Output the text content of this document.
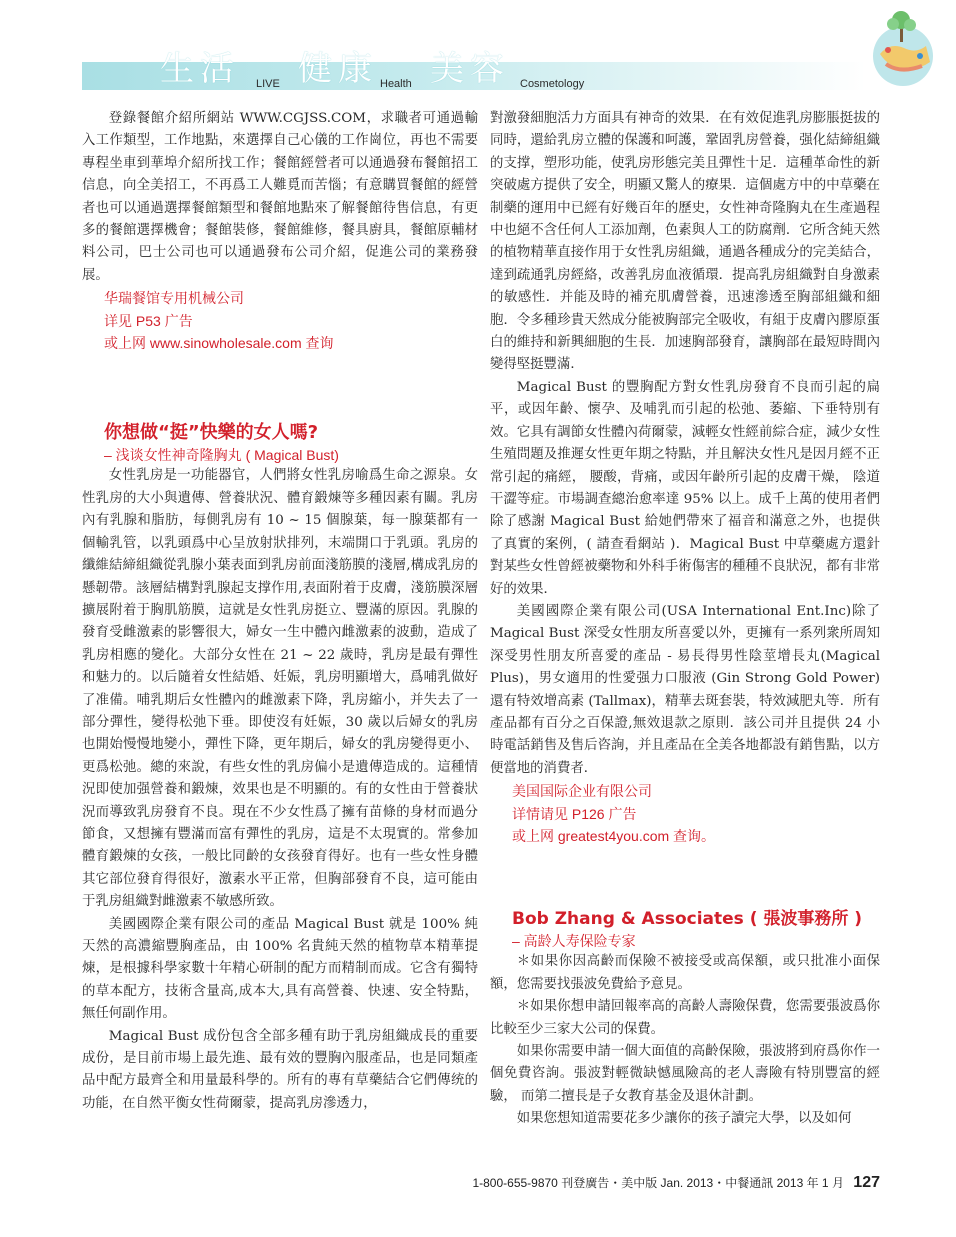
生活 LIVE 健康 Health 美容 Cosmetology

登錄餐館介紹所網站 WWW.CGJSS.COM，求職者可通過輸入工作類型，工作地點，來選擇自己心儀的工作崗位，再也不需要專程坐車到華埠介紹所找工作；餐館經營者可以通過發布餐館招工信息，向全美招工，不再爲工人難覓而苦惱；有意購買餐館的經營者也可以通過選擇餐館類型和餐館地點來了解餐館待售信息，有更多的餐館選擇機會；餐館裝修，餐館維修，餐具廚具，餐館原輔材料公司，巴士公司也可以通過發布公司介紹，促進公司的業務發展。

华瑞餐馆专用机械公司
详见 P53 广告
或上网 www.sinowholesale.com 查询
你想做“挺”快樂的女人嗎?
– 浅谈女性神奇隆胸丸 ( Magical Bust)

女性乳房是一功能器官，人們將女性乳房喻爲生命之源泉。女性乳房的大小與遺傳、營養狀況、體育鍛煉等多種因素有關。乳房內有乳腺和脂肪，每側乳房有 10 ~ 15 個腺葉，每一腺葉都有一個輸乳管，以乳頭爲中心呈放射狀排列，末端開口于乳頭。乳房的纖維結締組織從乳腺小葉表面到乳房前面淺筋膜的淺層,構成乳房的懸韌帶。該層結構對乳腺起支撑作用,表面附着于皮膚，淺筋膜深層擴展附着于胸肌筋膜，這就是女性乳房挺立、豐滿的原因。乳腺的發育受雌激素的影響很大，婦女一生中體內雌激素的波動，造成了乳房相應的變化。大部分女性在 21 ~ 22 歲時，乳房是最有彈性和魅力的。以后隨着女性結婚、妊娠，乳房明顯增大，爲哺乳做好了准備。哺乳期后女性體內的雌激素下降，乳房縮小，并失去了一部分彈性，變得松弛下垂。即使沒有妊娠，30 歲以后婦女的乳房也開始慢慢地變小，彈性下降，更年期后，婦女的乳房變得更小、更爲松弛。總的來說，有些女性的乳房偏小是遺傳造成的。這種情況即使加强營養和鍛煉，效果也是不明顯的。有的女性由于營養狀況而導致乳房發育不良。現在不少女性爲了擁有苗條的身材而過分節食，又想擁有豐滿而富有彈性的乳房，這是不太現實的。常參加體育鍛煉的女孩，一般比同齡的女孩發育得好。也有一些女性身體其它部位發育得很好，激素水平正常，但胸部發育不良，這可能由于乳房組織對雌激素不敏感所致。

美國國際企業有限公司的產品 Magical Bust 就是 100% 純天然的高濃縮豐胸產品，由 100% 名貴純天然的植物草本精華提煉，是根據科學家數十年精心研制的配方而精制而成。它含有獨特的草本配方，技術含量高,成本大,具有高營養、快速、安全特點，無任何副作用。

Magical Bust 成份包含全部多種有助于乳房組織成長的重要成份，是目前市場上最先進、最有效的豐胸內服產品，也是同類產品中配方最齊全和用量最科學的。所有的專有草藥結合它們傳统的功能，在自然平衡女性荷爾蒙，提高乳房滲透力，

對激發細胞活力方面具有神奇的效果．在有效促進乳房膨脹挺拔的同時，還給乳房立體的保護和呵護，鞏固乳房營養，强化結締組織的支撑，塑形功能，使乳房形態完美且彈性十足．這種革命性的新突破處方提供了安全，明顯又驚人的療果．這個處方中的中草藥在制藥的運用中已經有好幾百年的歷史，女性神奇隆胸丸在生產過程中也絕不含任何人工添加劑，色素與人工的防腐劑．它所含純天然的植物精華直接作用于女性乳房組織，通過各種成分的完美結合，達到疏通乳房經絡，改善乳房血液循環．提高乳房組織對自身激素的敏感性．并能及時的補充肌膚營養，迅速滲透至胸部組織和細胞．令多種珍貴天然成分能被胸部完全吸收，有組于皮膚內膠原蛋白的維持和新興細胞的生長．加速胸部發育，讓胸部在最短時間內變得堅挺豐滿．

Magical Bust 的豐胸配方對女性乳房發育不良而引起的扁平，或因年齡、懷孕、及哺乳而引起的松弛、萎縮、下垂特別有效。它具有調節女性體內荷爾蒙，減輕女性經前綜合症，減少女性生殖問題及推遲女性更年期之特點，并且解決女性凡是因月經不正常引起的痛經， 腰酸，背痛，或因年齡所引起的皮膚干燥， 陰道干澀等症。市場調查總治愈率達 95% 以上。成千上萬的使用者們除了感謝 Magical Bust 給她們帶來了福音和滿意之外，也提供了真實的案例，( 請查看網站 )．Magical Bust 中草藥處方還針對某些女性曾經被藥物和外科手術傷害的種種不良狀況，都有非常好的效果．

美國國際企業有限公司(USA International Ent.Inc)除了 Magical Bust 深受女性朋友所喜愛以外，更擁有一系列衆所周知深受男性朋友所喜愛的產品 - 易長得男性陰莖增長丸(Magical Plus)，男女適用的性愛强力口服液 (Gin Strong Gold Power) 還有特效增高素 (Tallmax)，精華去斑套裝，特效減肥丸等．所有產品都有百分之百保證,無效退款之原則．該公司并且提供 24 小時電話銷售及售后咨詢，并且產品在全美各地都設有銷售點，以方便當地的消費者．

美国国际企业有限公司
详情请见 P126 广告
或上网 greatest4you.com 查询。
Bob Zhang & Associates ( 張波事務所 )
– 高龄人寿保险专家

＊如果你因高齡而保險不被接受或高保額，或只批准小面保額，您需要找張波免費給予意見。

＊如果你想申請回報率高的高齡人壽險保費，您需要張波爲你比較至少三家大公司的保費。

如果你需要申請一個大面值的高齡保險，張波將到府爲你作一個免費咨詢。張波對輕微缺憾風險高的老人壽險有特別豐富的經驗， 而第二擅長是子女教育基金及退休計劃。

如果您想知道需要花多少讓你的孩子讀完大學，以及如何

1-800-655-9870 刊登廣告・美中版 Jan. 2013・中餐通訊 2013 年 1 月 127
